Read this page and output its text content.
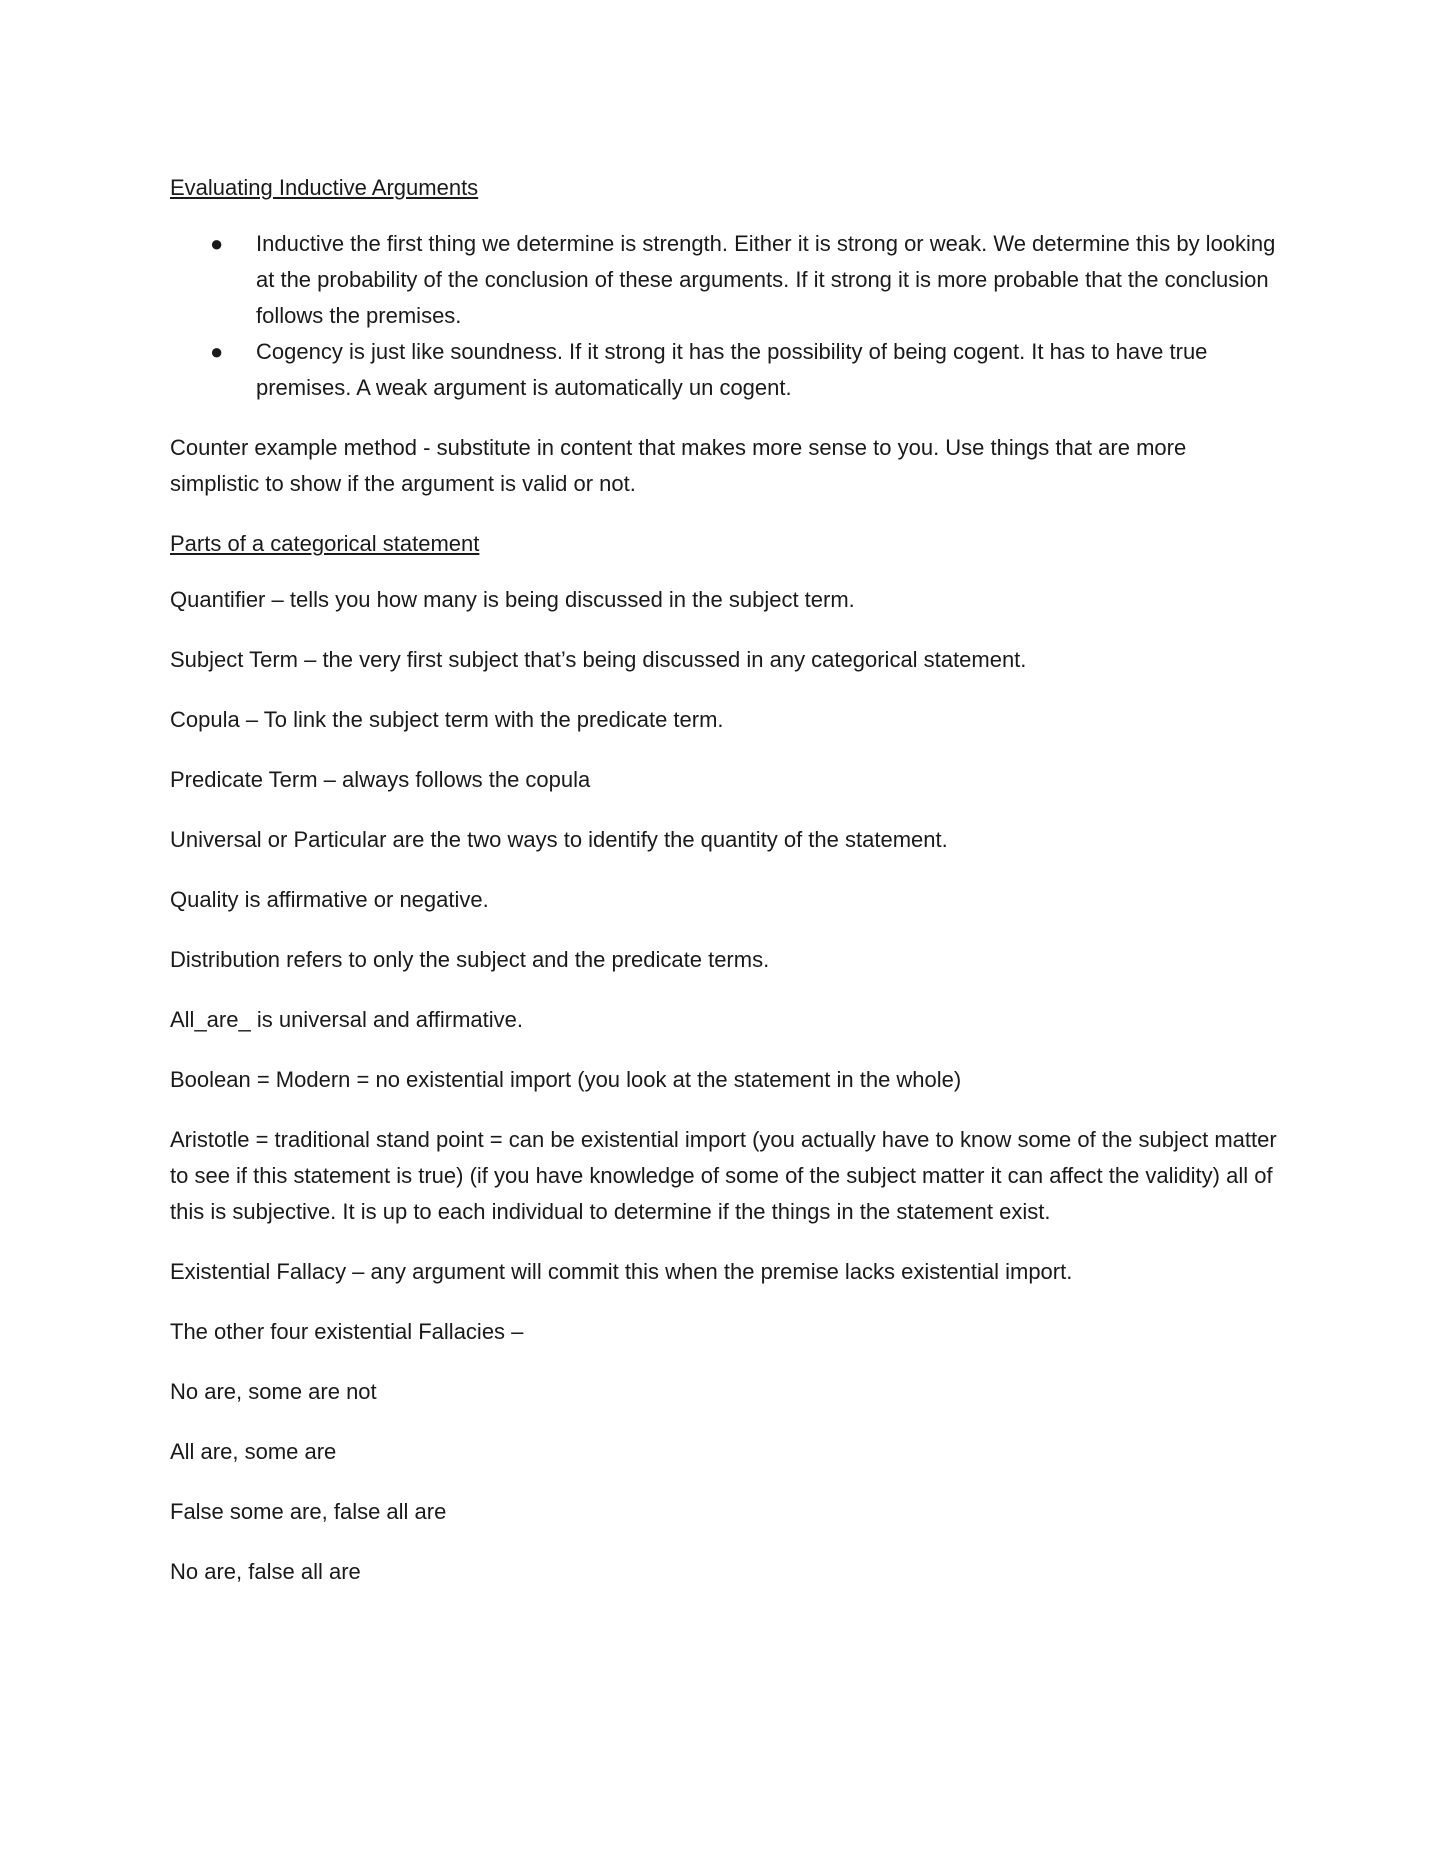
Evaluating Inductive Arguments

● Inductive the first thing we determine is strength. Either it is strong or weak. We determine this by looking at the probability of the conclusion of these arguments. If it strong it is more probable that the conclusion follows the premises.
● Cogency is just like soundness. If it strong it has the possibility of being cogent. It has to have true premises. A weak argument is automatically un cogent.

Counter example method - substitute in content that makes more sense to you. Use things that are more simplistic to show if the argument is valid or not.

Parts of a categorical statement

Quantifier – tells you how many is being discussed in the subject term.

Subject Term – the very first subject that’s being discussed in any categorical statement.

Copula – To link the subject term with the predicate term.

Predicate Term – always follows the copula

Universal or Particular are the two ways to identify the quantity of the statement.

Quality is affirmative or negative.

Distribution refers to only the subject and the predicate terms.

All_are_ is universal and affirmative.

Boolean = Modern = no existential import (you look at the statement in the whole)

Aristotle = traditional stand point = can be existential import (you actually have to know some of the subject matter to see if this statement is true) (if you have knowledge of some of the subject matter it can affect the validity) all of this is subjective. It is up to each individual to determine if the things in the statement exist.

Existential Fallacy – any argument will commit this when the premise lacks existential import.

The other four existential Fallacies –

No are, some are not

All are, some are

False some are, false all are

No are, false all are
